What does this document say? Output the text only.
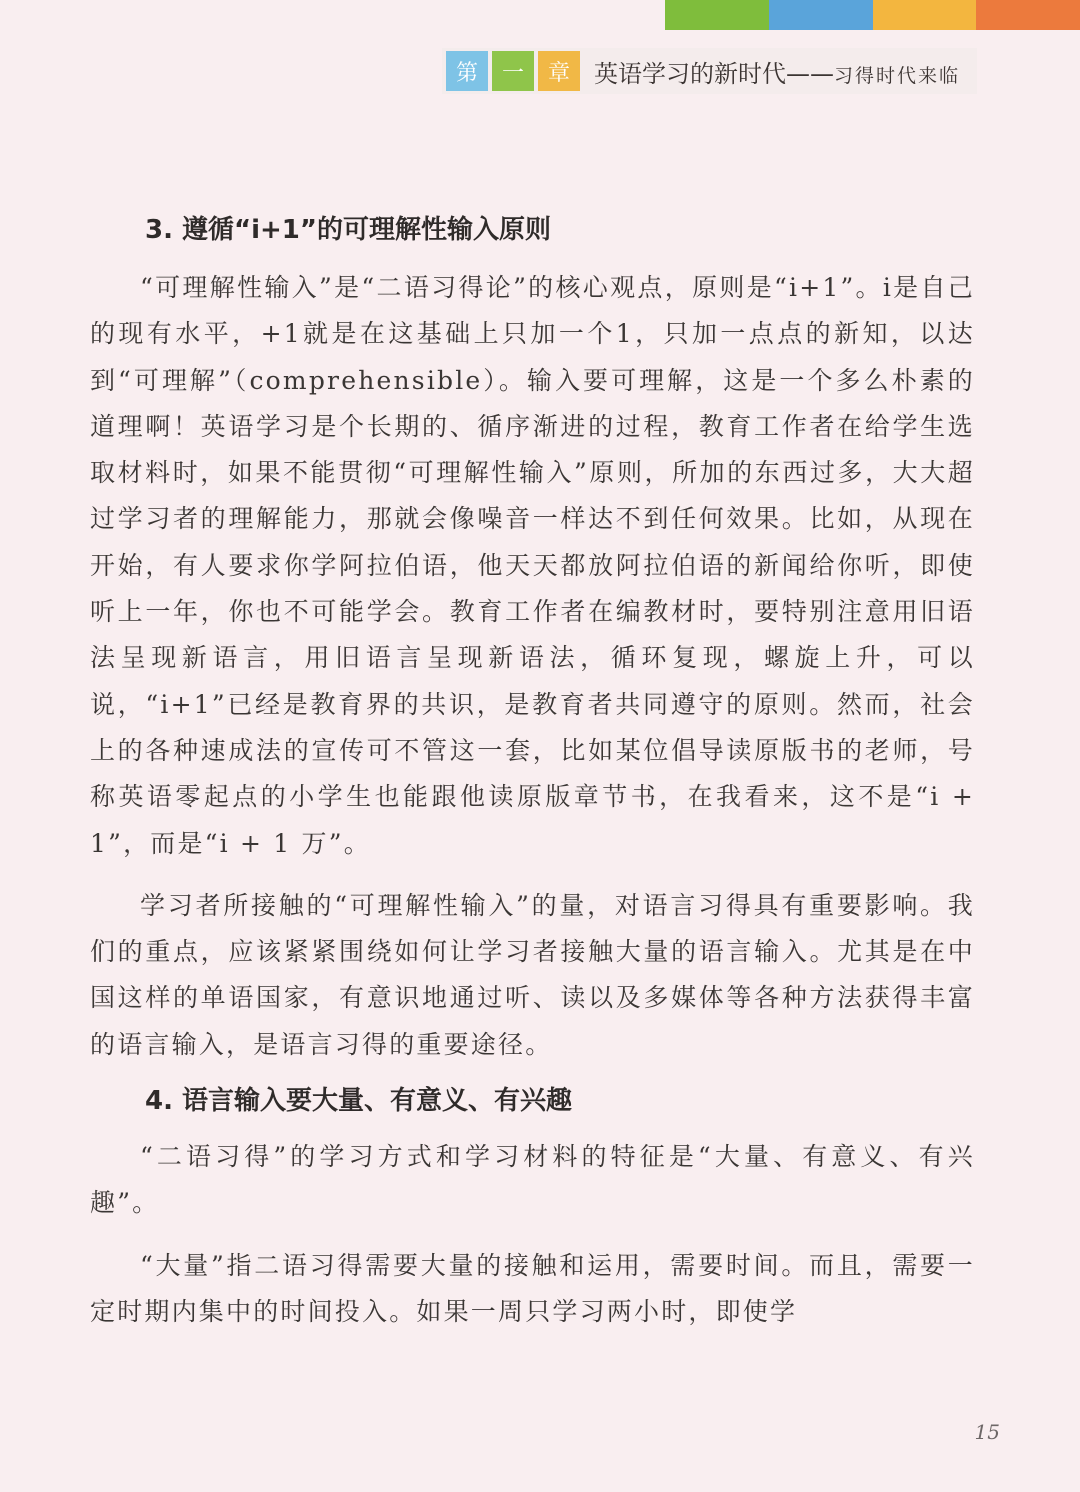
第 一 章 英语学习的新时代——习得时代来临
3. 遵循“i+1”的可理解性输入原则

“可理解性输入”是“二语习得论”的核心观点，原则是“i+1”。i是自己的现有水平，+1就是在这基础上只加一个1，只加一点点的新知，以达到“可理解”（comprehensible）。输入要可理解，这是一个多么朴素的道理啊！英语学习是个长期的、循序渐进的过程，教育工作者在给学生选取材料时，如果不能贯彻“可理解性输入”原则，所加的东西过多，大大超过学习者的理解能力，那就会像噪音一样达不到任何效果。比如，从现在开始，有人要求你学阿拉伯语，他天天都放阿拉伯语的新闻给你听，即使听上一年，你也不可能学会。教育工作者在编教材时，要特别注意用旧语法呈现新语言，用旧语言呈现新语法，循环复现，螺旋上升，可以说，“i+1”已经是教育界的共识，是教育者共同遵守的原则。然而，社会上的各种速成法的宣传可不管这一套，比如某位倡导读原版书的老师，号称英语零起点的小学生也能跟他读原版章节书，在我看来，这不是“i + 1”，而是“i + 1 万”。

学习者所接触的“可理解性输入”的量，对语言习得具有重要影响。我们的重点，应该紧紧围绕如何让学习者接触大量的语言输入。尤其是在中国这样的单语国家，有意识地通过听、读以及多媒体等各种方法获得丰富的语言输入，是语言习得的重要途径。

4. 语言输入要大量、有意义、有兴趣

“二语习得”的学习方式和学习材料的特征是“大量、有意义、有兴趣”。

“大量”指二语习得需要大量的接触和运用，需要时间。而且，需要一定时期内集中的时间投入。如果一周只学习两小时，即使学

15
